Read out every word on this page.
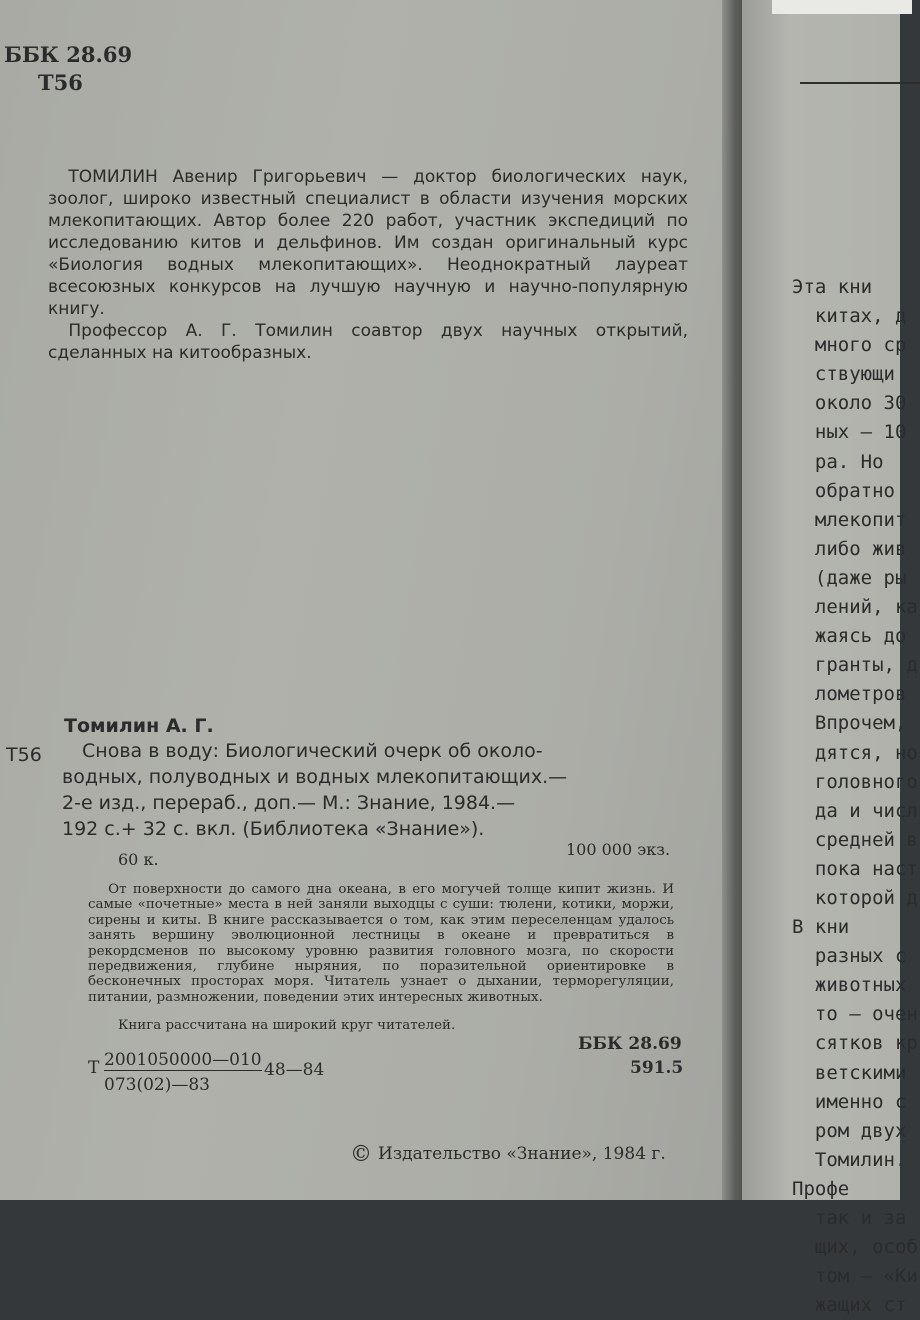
ББК 28.69
Т56

ТОМИЛИН Авенир Григорьевич — доктор биологических наук, зоолог, широко известный специалист в области изучения морских млекопитающих. Автор более 220 работ, участник экспедиций по исследованию китов и дельфинов. Им создан оригинальный курс «Биология водных млекопитающих». Неоднократный лауреат всесоюзных конкурсов на лучшую научную и научно-популярную книгу.

Профессор А. Г. Томилин соавтор двух научных открытий, сделанных на китообразных.

Томилин А. Г.
Т56	Снова в воду: Биологический очерк об около-
водных, полуводных и водных млекопитающих.—
2-е изд., перераб., доп.— М.: Знание, 1984.—
192 с.+ 32 с. вкл. (Библиотека «Знание»).
60 к.
100 000 экз.

От поверхности до самого дна океана, в его могучей толще кипит жизнь. И самые «почетные» места в ней заняли выходцы с суши: тюлени, котики, моржи, сирены и киты. В книге рассказывается о том, как этим переселенцам удалось занять вершину эволюционной лестницы в океане и превратиться в рекордсменов по высокому уровню развития головного мозга, по скорости передвижения, глубине ныряния, по поразительной ориентировке в бесконечных просторах моря. Читатель узнает о дыхании, терморегуляции, питании, размножении, поведении этих интересных животных.

Книга рассчитана на широкий круг читателей.
Т 2001050000—010
073(02)—83
48—84
ББК 28.69
591.5
© Издательство «Знание», 1984 г.
Эта кни
китах, д
много ср
ствующи
около 30
ных — 10
ра. Но
обратно
млекопит
либо жив
(даже ры
лений, ка
жаясь до
гранты, д
лометров
Впрочем,
дятся, но
головного
да и числ
средней в
пока наст
которой д
В кни
разных с
животных
то — очен
сятков кр
ветскими
именно с
ром двух
Томилин.
Профе
так и за
щих, особ
том — «Ки
жащих ст
